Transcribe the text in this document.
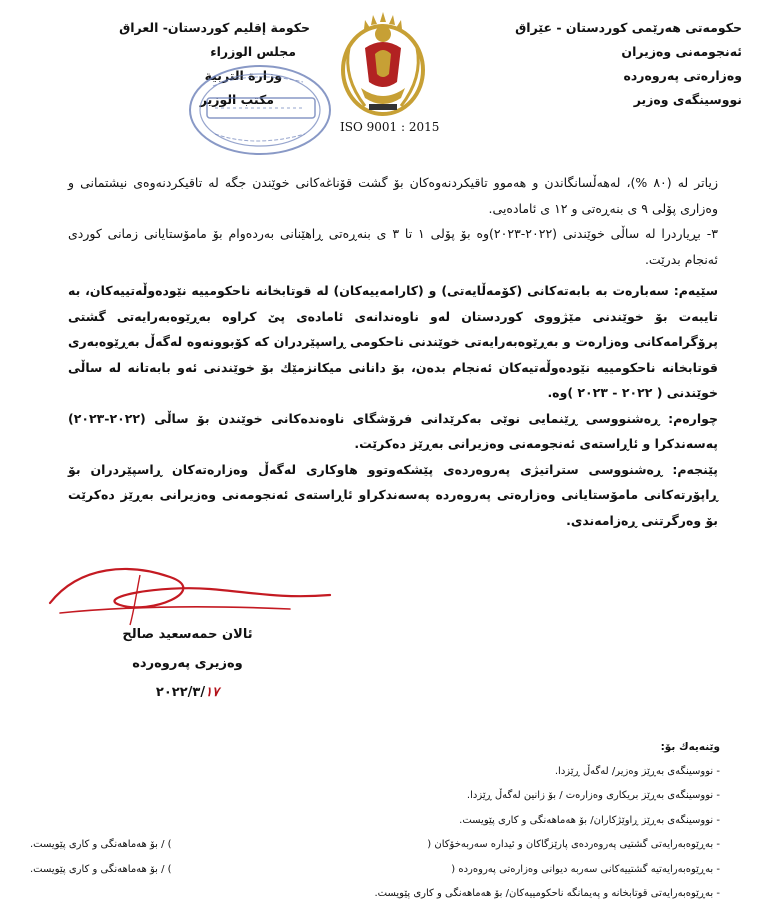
حكومەتی هەرێمی كوردستان - عێراق
ئەنجومەنی وەزیران
وەزارەتی پەروەردە
نووسینگەی وەزیر
حكومة إقليم كوردستان- العراق
مجلس الوزراء
وزارة التربية
مكتب الوزير
ISO 9001 : 2015

زیاتر لە (٨٠ %)، لەهەڵسانگاندن و هەموو تاقیكردنەوەكان بۆ گشت قۆناغەكانی خوێندن جگە لە تاقیكردنەوەی نیشتمانی و وەزاری پۆلی ٩ ی بنەڕەتی و ١٢ ی ئامادەیی.

٣- بڕیاردرا لە ساڵی خوێندنی (٢٠٢٢-٢٠٢٣)وە بۆ پۆلی ١ تا ٣ ی بنەڕەتی ڕاهێنانی بەردەوام بۆ مامۆستایانی زمانی كوردی ئەنجام بدرێت.

سێیەم: سەبارەت بە بابەتەكانی (كۆمەڵایەتی) و (كارامەییەكان) لە قوتابخانە ناحكومییە نێودەوڵەتییەكان، بە تایبەت بۆ خوێندنی مێژووی كوردستان لەو ناوەندانەی ئامادەی پێ كراوە بەڕێوەبەرایەتی گشتی پرۆگرامەكانی وەزارەت و بەڕێوەبەرایەتی خوێندنی ناحكومی ڕاسپێردران كە كۆبوونەوە لەگەڵ بەڕێوەبەری قوتابخانە ناحكومییە نێودەوڵەتیەكان ئەنجام بدەن، بۆ دانانی میكانزمێك بۆ خوێندنی ئەو بابەتانە لە ساڵی خوێندنی ( ٢٠٢٢ - ٢٠٢٣ )وە.

چوارەم: ڕەشنووسی ڕێنمایی نوێی بەكرێدانی فرۆشگای ناوەندەكانی خوێندن بۆ ساڵی (٢٠٢٢-٢٠٢٣) پەسەندكرا و ئاڕاستەی ئەنجومەنی وەزیرانی بەڕێز دەكرێت.

پێنجەم: ڕەشنووسی ستراتیژی پەروەردەی پێشكەوتوو هاوكاری لەگەڵ وەزارەتەكان ڕاسپێردران بۆ ڕاپۆرتەكانی مامۆستایانی وەزارەتی پەروەردە پەسەندكراو ئاڕاستەی ئەنجومەنی وەزیرانی بەڕێز دەكرێت بۆ وەرگرتنی ڕەزامەندی.

ئالان حمەسعید صالح
وەزیری پەروەردە
٢٠٢٢/٣/١٧
وێنەیەك بۆ:
- نووسینگەی بەڕێز وەزیر/ لەگەڵ ڕێزدا.
- نووسینگەی بەڕێز بریكاری وەزارەت / بۆ زانین لەگەڵ ڕێزدا.
- نووسینگەی بەڕێز ڕاوێژكاران/ بۆ هەماهەنگی و كاری پێویست.
- بەڕێوەبەرایەتی گشتیی پەروەردەی پارێزگاكان و ئیدارە سەربەخۆكان (
) / بۆ هەماهەنگی و كاری پێویست.
- بەڕێوەبەرایەتیە گشتییەكانی سەربە دیوانی وەزارەتی پەروەردە (
) / بۆ هەماهەنگی و كاری پێویست.
- بەڕێوەبەرایەتی قوتابخانە و پەیمانگە ناحكومییەكان/ بۆ هەماهەنگی و كاری پێویست.
